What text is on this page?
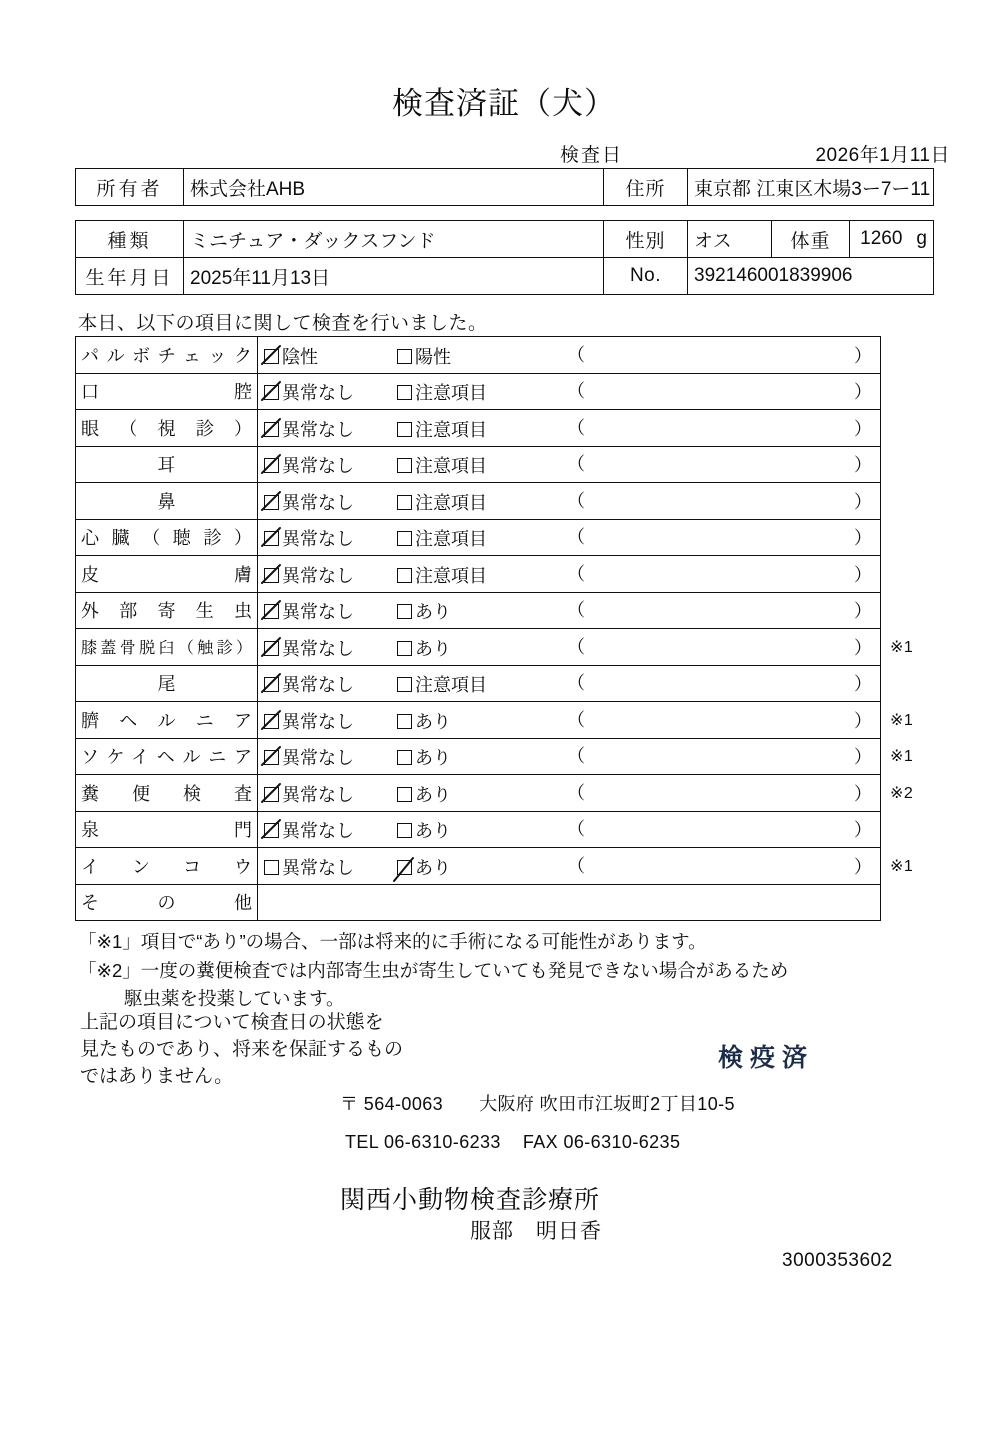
検査済証（犬）
検査日	2026年1月11日
所有者	株式会社AHB	住所	東京都 江東区木場3ー7ー11
種類	ミニチュア・ダックスフンド	性別	オス	体重	1260 g
生年月日	2025年11月13日	No.	392146001839906		
本日、以下の項目に関して検査を行いました。
パルボチェック	陰性 陽性 （ ）	

口腔	異常なし 注意項目 （ ）	

眼（視診）	異常なし 注意項目 （ ）	

耳	異常なし 注意項目 （ ）	

鼻	異常なし 注意項目 （ ）	

心臓（聴診）	異常なし 注意項目 （ ）	

皮膚	異常なし 注意項目 （ ）	

外部寄生虫	異常なし あり （ ）	

膝蓋骨脱臼（触診）	異常なし あり （ ）	※1
尾	異常なし 注意項目 （ ）	

臍ヘルニア	異常なし あり （ ）	※1
ソケイヘルニア	異常なし あり （ ）	※1
糞便検査	異常なし あり （ ）	※2
泉門	異常なし あり （ ）	

インコウ	異常なし あり （ ）	※1
その他		
「※1」項目で“あり”の場合、一部は将来的に手術になる可能性があります。
「※2」一度の糞便検査では内部寄生虫が寄生していても発見できない場合があるため
駆虫薬を投薬しています。
上記の項目について検査日の状態を
見たものであり、将来を保証するもの
ではありません。
検疫済
〒 564-0063 大阪府 吹田市江坂町2丁目10-5
TEL 06-6310-6233 FAX 06-6310-6235
関西小動物検査診療所
服部　明日香
3000353602
